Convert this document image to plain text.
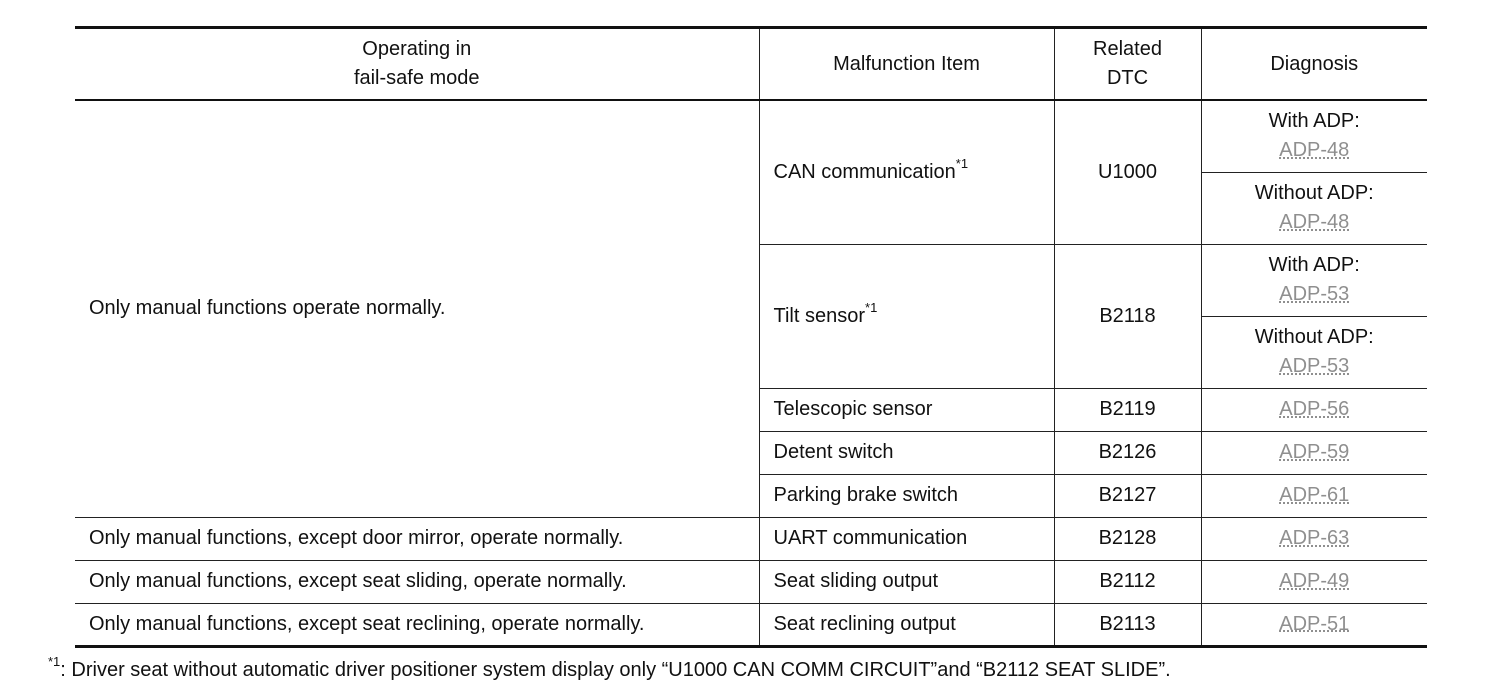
Operating in
fail-safe mode	Malfunction Item	Related
DTC	Diagnosis
Only manual functions operate normally.	CAN communication$^{*1}$	U1000	With ADP:
ADP-48
			Without ADP:
ADP-48
	Tilt sensor$^{*1}$	B2118	With ADP:
ADP-53
			Without ADP:
ADP-53
	Telescopic sensor	B2119	ADP-56
	Detent switch	B2126	ADP-59
	Parking brake switch	B2127	ADP-61
Only manual functions, except door mirror, operate normally.	UART communication	B2128	ADP-63
Only manual functions, except seat sliding, operate normally.	Seat sliding output	B2112	ADP-49
Only manual functions, except seat reclining, operate normally.	Seat reclining output	B2113	ADP-51
$^{*1}$: Driver seat without automatic driver positioner system display only “U1000 CAN COMM CIRCUIT”and “B2112 SEAT SLIDE”.
